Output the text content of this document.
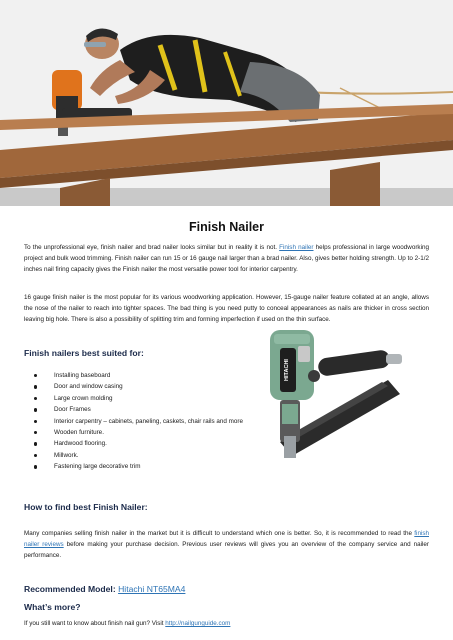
Finish Nailer

To the unprofessional eye, finish nailer and brad nailer looks similar but in reality it is not. Finish nailer helps professional in large woodworking project and bulk wood trimming. Finish nailer can run 15 or 16 gauge nail larger than a brad nailer. Also, gives better holding strength. Up to 2-1/2 inches nail firing capacity gives the Finish nailer the most versatile power tool for interior carpentry.

16 gauge finish nailer is the most popular for its various woodworking application. However, 15-gauge nailer feature collated at an angle, allows the nose of the nailer to reach into tighter spaces. The bad thing is you need putty to conceal appearances as nails are thicker in cross section leaving big hole. There is also a possibility of splitting trim and forming imperfection if used on the thin surface.

Finish nailers best suited for:
Installing baseboard
Door and window casing
Large crown molding
Door Frames
Interior carpentry – cabinets, paneling, caskets, chair rails and more
Wooden furniture.
Hardwood flooring.
Millwork.
Fastening large decorative trim
HITACHI
How to find best Finish Nailer:

Many companies selling finish nailer in the market but it is difficult to understand which one is better. So, it is recommended to read the finish nailer reviews before making your purchase decision. Previous user reviews will gives you an overview of the company service and nailer performance.

Recommended Model: Hitachi NT65MA4
What’s more?

If you still want to know about finish nail gun? Visit http://nailgunguide.com
